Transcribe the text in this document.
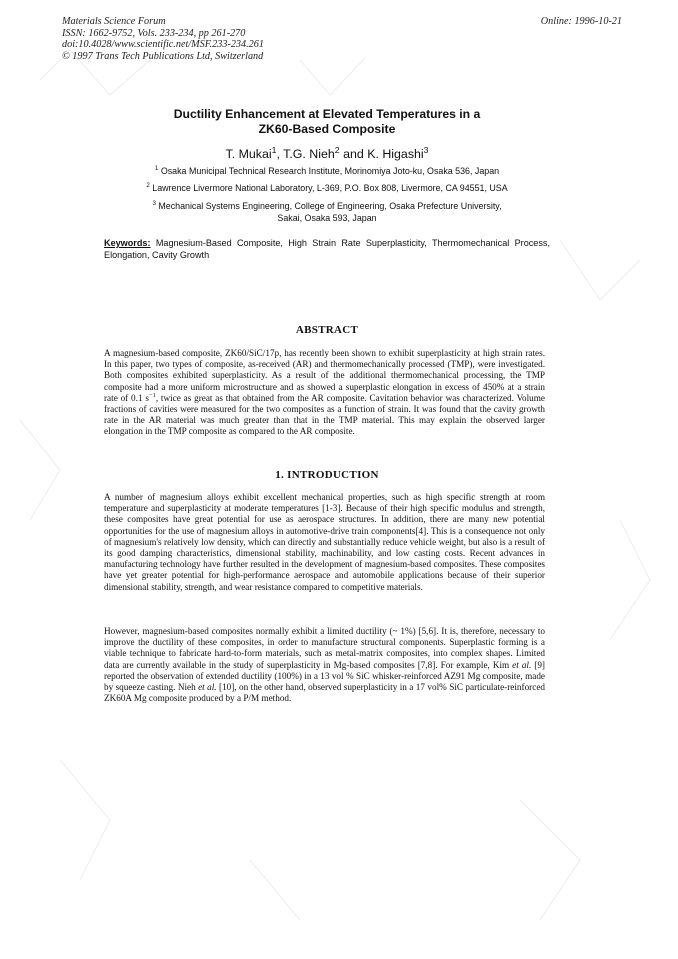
Materials Science Forum
ISSN: 1662-9752, Vols. 233-234, pp 261-270
doi:10.4028/www.scientific.net/MSF.233-234.261
© 1997 Trans Tech Publications Ltd, Switzerland
Online: 1996-10-21
Ductility Enhancement at Elevated Temperatures in a
ZK60-Based Composite
T. Mukai$^1$, T.G. Nieh$^2$ and K. Higashi$^3$
$^1$ Osaka Municipal Technical Research Institute, Morinomiya Joto-ku, Osaka 536, Japan
$^2$ Lawrence Livermore National Laboratory, L-369, P.O. Box 808, Livermore, CA 94551, USA
$^3$ Mechanical Systems Engineering, College of Engineering, Osaka Prefecture University, Sakai, Osaka 593, Japan
Keywords: Magnesium-Based Composite, High Strain Rate Superplasticity, Thermomechanical Process, Elongation, Cavity Growth
ABSTRACT
A magnesium-based composite, ZK60/SiC/17p, has recently been shown to exhibit superplasticity at high strain rates. In this paper, two types of composite, as-received (AR) and thermomechanically processed (TMP), were investigated. Both composites exhibited superplasticity. As a result of the additional thermomechanical processing, the TMP composite had a more uniform microstructure and as showed a superplastic elongation in excess of 450% at a strain rate of 0.1 $s^{-1}$, twice as great as that obtained from the AR composite. Cavitation behavior was characterized. Volume fractions of cavities were measured for the two composites as a function of strain. It was found that the cavity growth rate in the AR material was much greater than that in the TMP material. This may explain the observed larger elongation in the TMP composite as compared to the AR composite.
1. INTRODUCTION
A number of magnesium alloys exhibit excellent mechanical properties, such as high specific strength at room temperature and superplasticity at moderate temperatures [1-3]. Because of their high specific modulus and strength, these composites have great potential for use as aerospace structures. In addition, there are many new potential opportunities for the use of magnesium alloys in automotive-drive train components[4]. This is a consequence not only of magnesium's relatively low density, which can directly and substantially reduce vehicle weight, but also is a result of its good damping characteristics, dimensional stability, machinability, and low casting costs. Recent advances in manufacturing technology have further resulted in the development of magnesium-based composites. These composites have yet greater potential for high-performance aerospace and automobile applications because of their superior dimensional stability, strength, and wear resistance compared to competitive materials.
However, magnesium-based composites normally exhibit a limited ductility (~ 1%) [5,6]. It is, therefore, necessary to improve the ductility of these composites, in order to manufacture structural components. Superplastic forming is a viable technique to fabricate hard-to-form materials, such as metal-matrix composites, into complex shapes. Limited data are currently available in the study of superplasticity in Mg-based composites [7,8]. For example, Kim et al. [9] reported the observation of extended ductility (100%) in a 13 vol % SiC whisker-reinforced AZ91 Mg composite, made by squeeze casting. Nieh et al. [10], on the other hand, observed superplasticity in a 17 vol% SiC particulate-reinforced ZK60A Mg composite produced by a P/M method.
